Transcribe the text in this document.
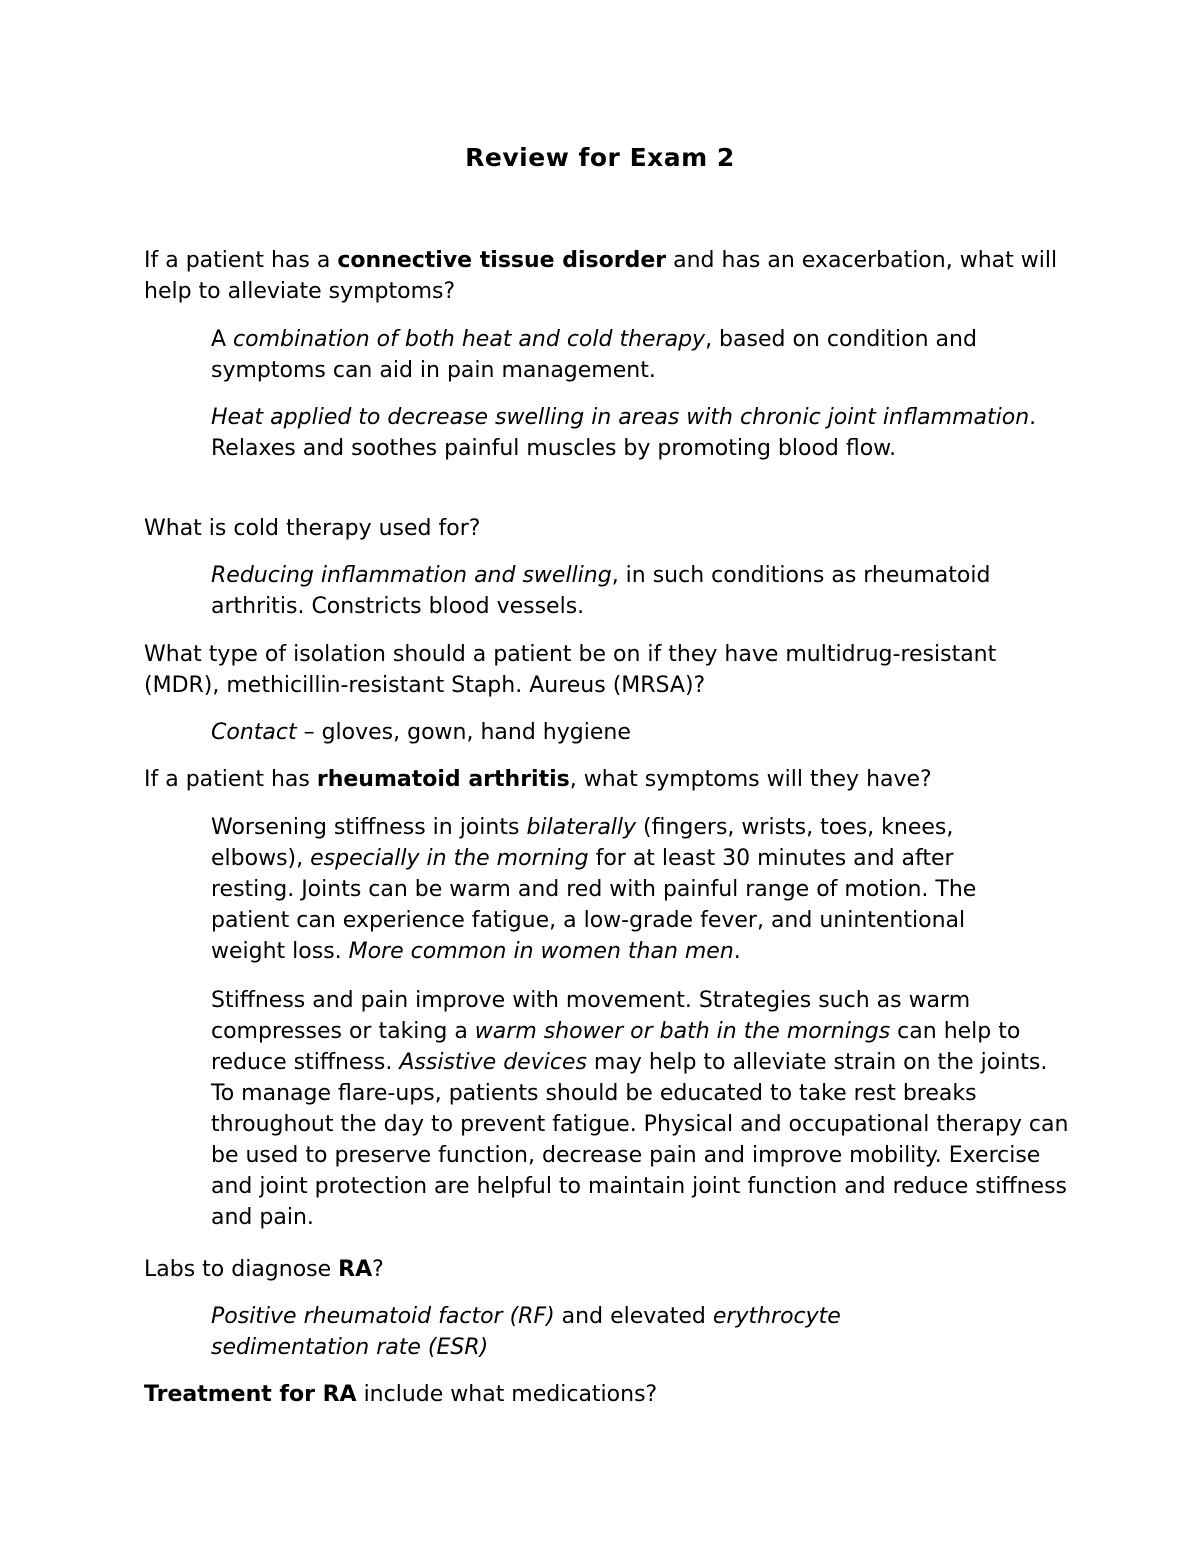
Review for Exam 2

If a patient has a connective tissue disorder and has an exacerbation, what will help to alleviate symptoms?

A combination of both heat and cold therapy, based on condition and symptoms can aid in pain management.

Heat applied to decrease swelling in areas with chronic joint inflammation. Relaxes and soothes painful muscles by promoting blood flow.

What is cold therapy used for?

Reducing inflammation and swelling, in such conditions as rheumatoid arthritis. Constricts blood vessels.

What type of isolation should a patient be on if they have multidrug-resistant (MDR), methicillin-resistant Staph. Aureus (MRSA)?

Contact – gloves, gown, hand hygiene

If a patient has rheumatoid arthritis, what symptoms will they have?

Worsening stiffness in joints bilaterally (fingers, wrists, toes, knees, elbows), especially in the morning for at least 30 minutes and after resting. Joints can be warm and red with painful range of motion. The patient can experience fatigue, a low-grade fever, and unintentional weight loss. More common in women than men.

Stiffness and pain improve with movement. Strategies such as warm compresses or taking a warm shower or bath in the mornings can help to reduce stiffness. Assistive devices may help to alleviate strain on the joints. To manage flare-ups, patients should be educated to take rest breaks throughout the day to prevent fatigue. Physical and occupational therapy can be used to preserve function, decrease pain and improve mobility. Exercise and joint protection are helpful to maintain joint function and reduce stiffness and pain.

Labs to diagnose RA?

Positive rheumatoid factor (RF) and elevated erythrocyte sedimentation rate (ESR)

Treatment for RA include what medications?
